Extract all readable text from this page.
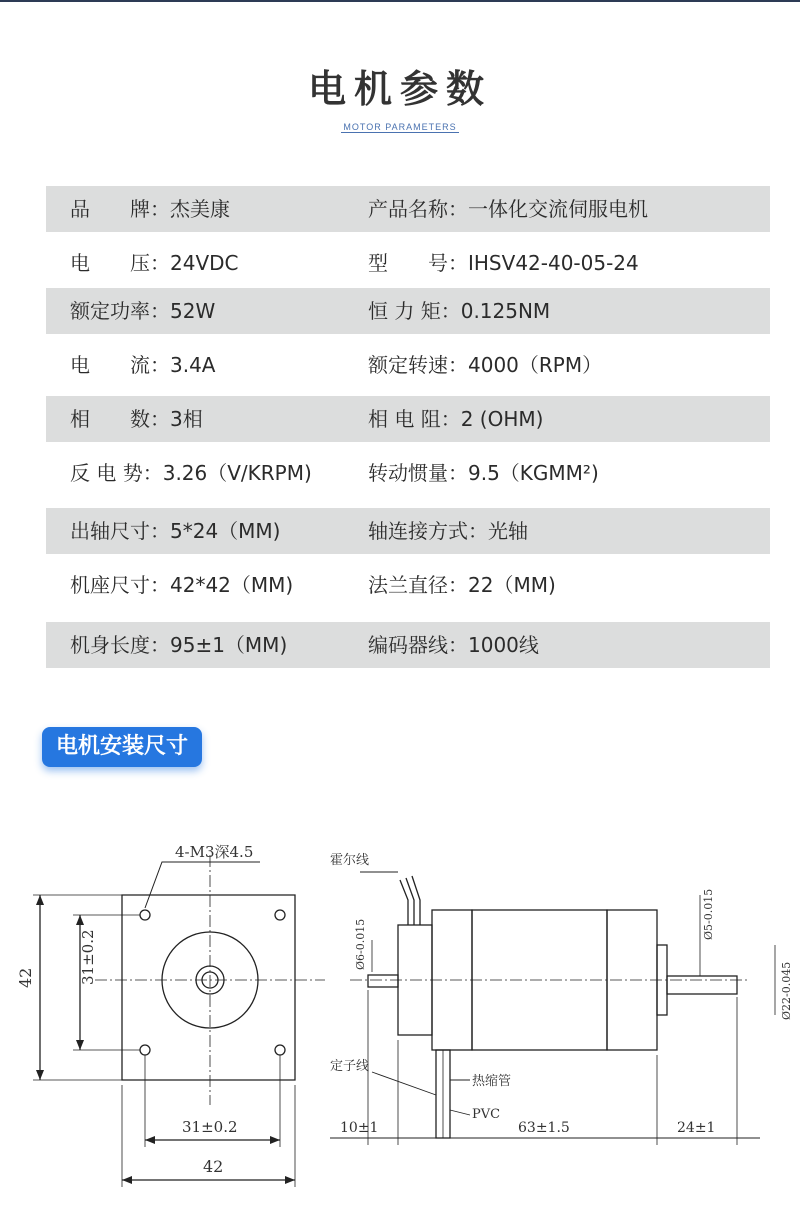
电机参数
MOTOR PARAMETERS
品　　牌：杰美康	产品名称：一体化交流伺服电机
电　　压：24VDC	型　　号：IHSV42-40-05-24
额定功率：52W	恒 力 矩：0.125NM
电　　流：3.4A	额定转速：4000（RPM）
相　　数：3相	相 电 阻：2 (OHM)
反 电 势：3.26（V/KRPM)	转动惯量：9.5（KGMM²)
出轴尺寸：5*24（MM)	轴连接方式：光轴
机座尺寸：42*42（MM)	法兰直径：22（MM)
机身长度：95±1（MM)	编码器线：1000线
电机安装尺寸
4-M3深4.5
42	31±0.2
31±0.2
42
霍尔线
定子线
热缩管
PVC
Ø6-0.015
Ø5-0.015
Ø22-0.045
10±1	63±1.5	24±1
